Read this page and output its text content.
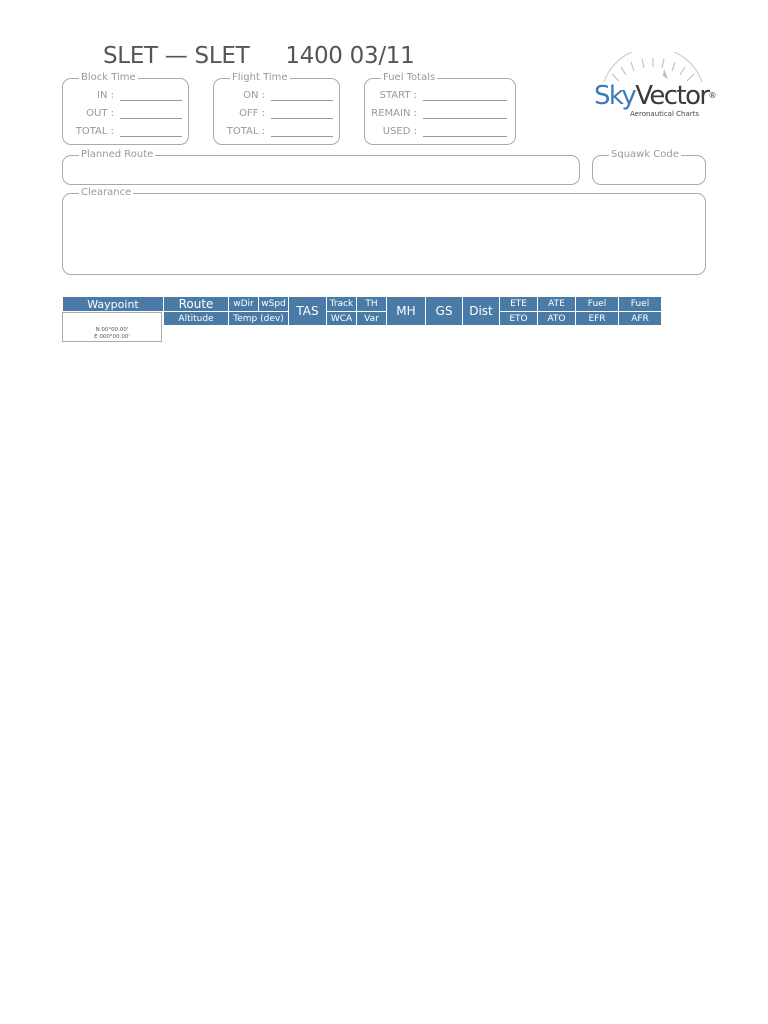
SLET — SLET 1400 03/11
Block Time
IN :
OUT :
TOTAL :
Flight Time
ON :
OFF :
TOTAL :
Fuel Totals
START :
REMAIN :
USED :
SkyVector®
Aeronautical Charts
Planned Route	Squawk Code
Clearance
Waypoint	Route	wDir	wSpd	TAS	Track	TH	MH	GS	Dist	ETE	ATE	Fuel	Fuel
	Altitude	Temp (dev)			WCA	Var				ETO	ATO	EFR	AFR
N 00°00.00'
E 000°00.00'
